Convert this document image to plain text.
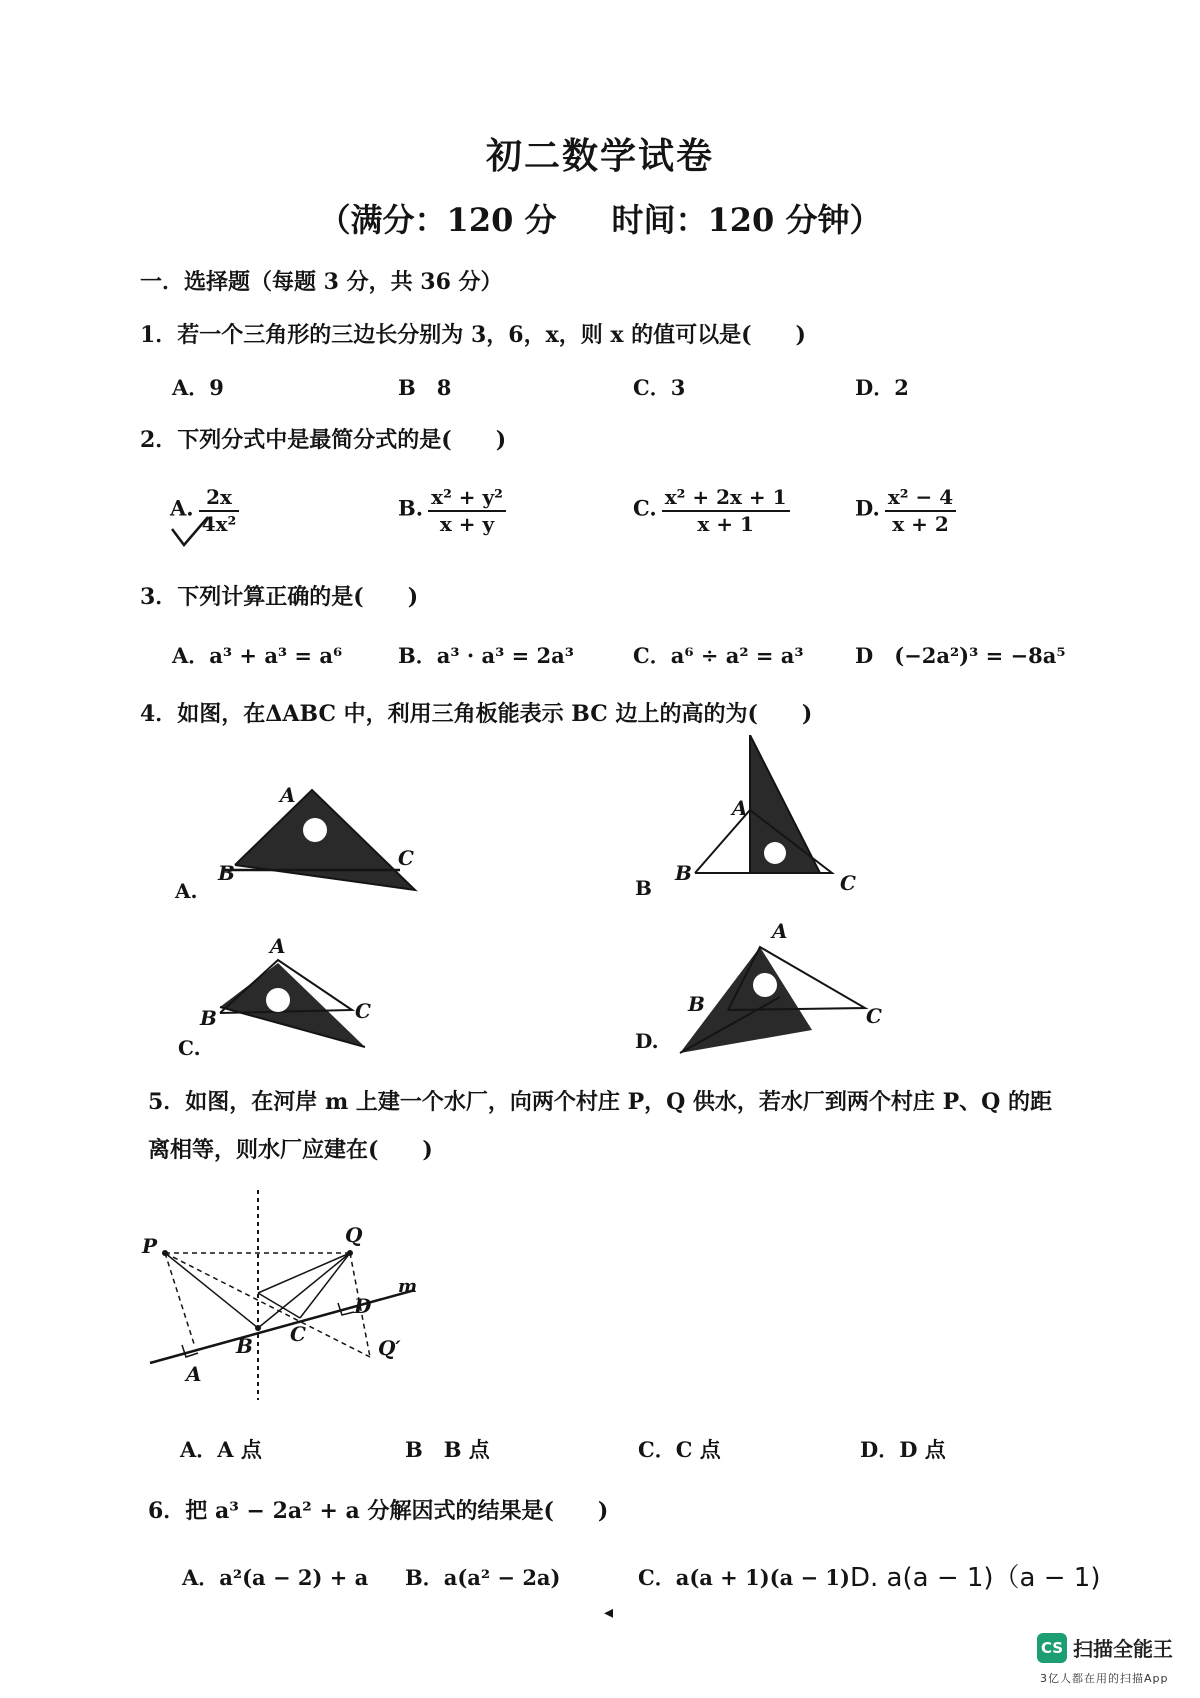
初二数学试卷
（满分：120 分 时间：120 分钟）
一．选择题（每题 3 分，共 36 分）
1．若一个三角形的三边长分别为 3，6，x，则 x 的值可以是(　　)
A．9	B　8	C．3	D．2
2．下列分式中是最简分式的是(　　)
A. $\frac{2x}{\text{4x²}}$	B. $\frac{\text{x² + y²}}{x + y}$	C. $\frac{\text{x² + 2x + 1}}{x + 1}$	D. $\frac{\text{x² − 4}}{x + 2}$
3．下列计算正确的是(　　)
A．a³ + a³ = a⁶	B．a³ · a³ = 2a³	C．a⁶ ÷ a² = a³ D　(−2a²)³ = −8a⁵
4．如图，在ΔABC 中，利用三角板能表示 BC 边上的高的为(　　)
A
B
C
A.
A
B	C
B
A
B	C
C.
A
B	C
D.
5．如图，在河岸 m 上建一个水厂，向两个村庄 P，Q 供水，若水厂到两个村庄 P、Q 的距
离相等，则水厂应建在(　　)
P	Q
m
A
B C
D
Q′
A．A 点	B　B 点	C．C 点	D．D 点
6．把 a³ − 2a² + a 分解因式的结果是(　　)
A．a²(a − 2) + a B．a(a² − 2a)	C．a(a + 1)(a − 1) D. a(a − 1)（a − 1)
◂
CS 扫描全能王
3亿人都在用的扫描App
